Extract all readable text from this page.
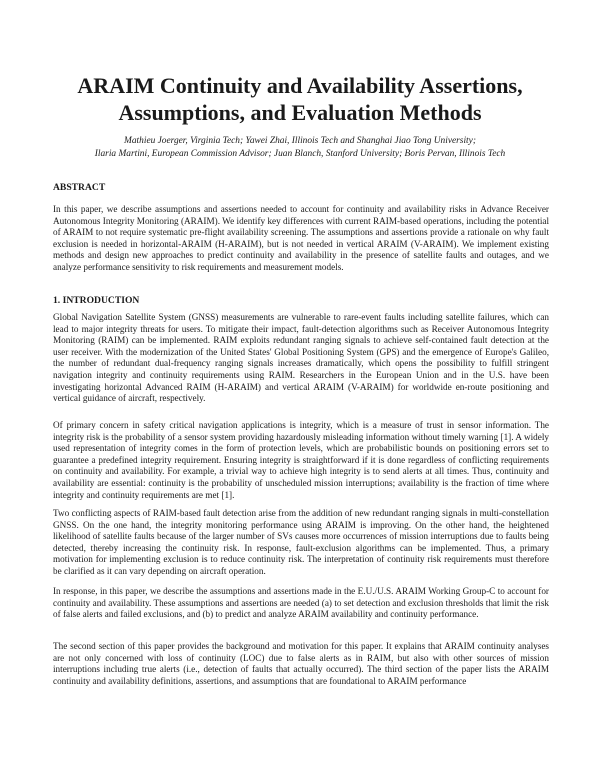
ARAIM Continuity and Availability Assertions,
Assumptions, and Evaluation Methods
Mathieu Joerger, Virginia Tech; Yawei Zhai, Illinois Tech and Shanghai Jiao Tong University;
Ilaria Martini, European Commission Advisor; Juan Blanch, Stanford University; Boris Pervan, Illinois Tech
ABSTRACT

In this paper, we describe assumptions and assertions needed to account for continuity and availability risks in Advance Receiver Autonomous Integrity Monitoring (ARAIM). We identify key differences with current RAIM-based operations, including the potential of ARAIM to not require systematic pre-flight availability screening. The assumptions and assertions provide a rationale on why fault exclusion is needed in horizontal-ARAIM (H-ARAIM), but is not needed in vertical ARAIM (V-ARAIM). We implement existing methods and design new approaches to predict continuity and availability in the presence of satellite faults and outages, and we analyze performance sensitivity to risk requirements and measurement models.

1. INTRODUCTION

Global Navigation Satellite System (GNSS) measurements are vulnerable to rare-event faults including satellite failures, which can lead to major integrity threats for users. To mitigate their impact, fault-detection algorithms such as Receiver Autonomous Integrity Monitoring (RAIM) can be implemented. RAIM exploits redundant ranging signals to achieve self-contained fault detection at the user receiver. With the modernization of the United States' Global Positioning System (GPS) and the emergence of Europe's Galileo, the number of redundant dual-frequency ranging signals increases dramatically, which opens the possibility to fulfill stringent navigation integrity and continuity requirements using RAIM. Researchers in the European Union and in the U.S. have been investigating horizontal Advanced RAIM (H-ARAIM) and vertical ARAIM (V-ARAIM) for worldwide en-route positioning and vertical guidance of aircraft, respectively.

Of primary concern in safety critical navigation applications is integrity, which is a measure of trust in sensor information. The integrity risk is the probability of a sensor system providing hazardously misleading information without timely warning [1]. A widely used representation of integrity comes in the form of protection levels, which are probabilistic bounds on positioning errors set to guarantee a predefined integrity requirement. Ensuring integrity is straightforward if it is done regardless of conflicting requirements on continuity and availability. For example, a trivial way to achieve high integrity is to send alerts at all times. Thus, continuity and availability are essential: continuity is the probability of unscheduled mission interruptions; availability is the fraction of time where integrity and continuity requirements are met [1].

Two conflicting aspects of RAIM-based fault detection arise from the addition of new redundant ranging signals in multi-constellation GNSS. On the one hand, the integrity monitoring performance using ARAIM is improving. On the other hand, the heightened likelihood of satellite faults because of the larger number of SVs causes more occurrences of mission interruptions due to faults being detected, thereby increasing the continuity risk. In response, fault-exclusion algorithms can be implemented. Thus, a primary motivation for implementing exclusion is to reduce continuity risk. The interpretation of continuity risk requirements must therefore be clarified as it can vary depending on aircraft operation.

In response, in this paper, we describe the assumptions and assertions made in the E.U./U.S. ARAIM Working Group-C to account for continuity and availability. These assumptions and assertions are needed (a) to set detection and exclusion thresholds that limit the risk of false alerts and failed exclusions, and (b) to predict and analyze ARAIM availability and continuity performance.

The second section of this paper provides the background and motivation for this paper. It explains that ARAIM continuity analyses are not only concerned with loss of continuity (LOC) due to false alerts as in RAIM, but also with other sources of mission interruptions including true alerts (i.e., detection of faults that actually occurred). The third section of the paper lists the ARAIM continuity and availability definitions, assertions, and assumptions that are foundational to ARAIM performance
